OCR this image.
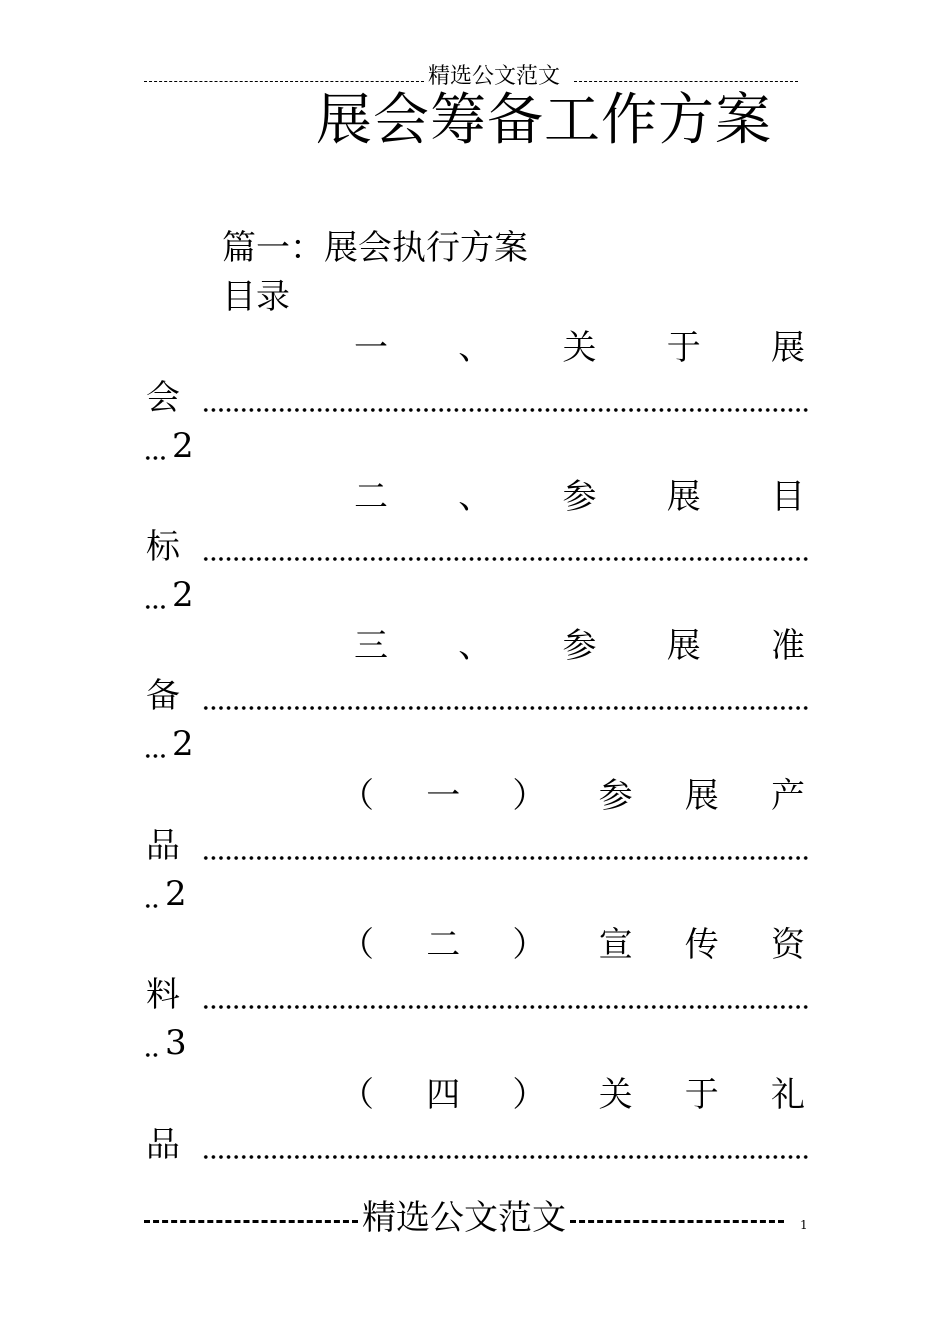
精选公文范文
展会筹备工作方案
篇一：展会执行方案
目录
一 、 关 于 展
会
2
二 、 参 展 目
标
2
三 、 参 展 准
备
2
（ 一 ） 参 展 产
品
2
（ 二 ） 宣 传 资
料
3
（ 四 ） 关 于 礼
品
精选公文范文	1
